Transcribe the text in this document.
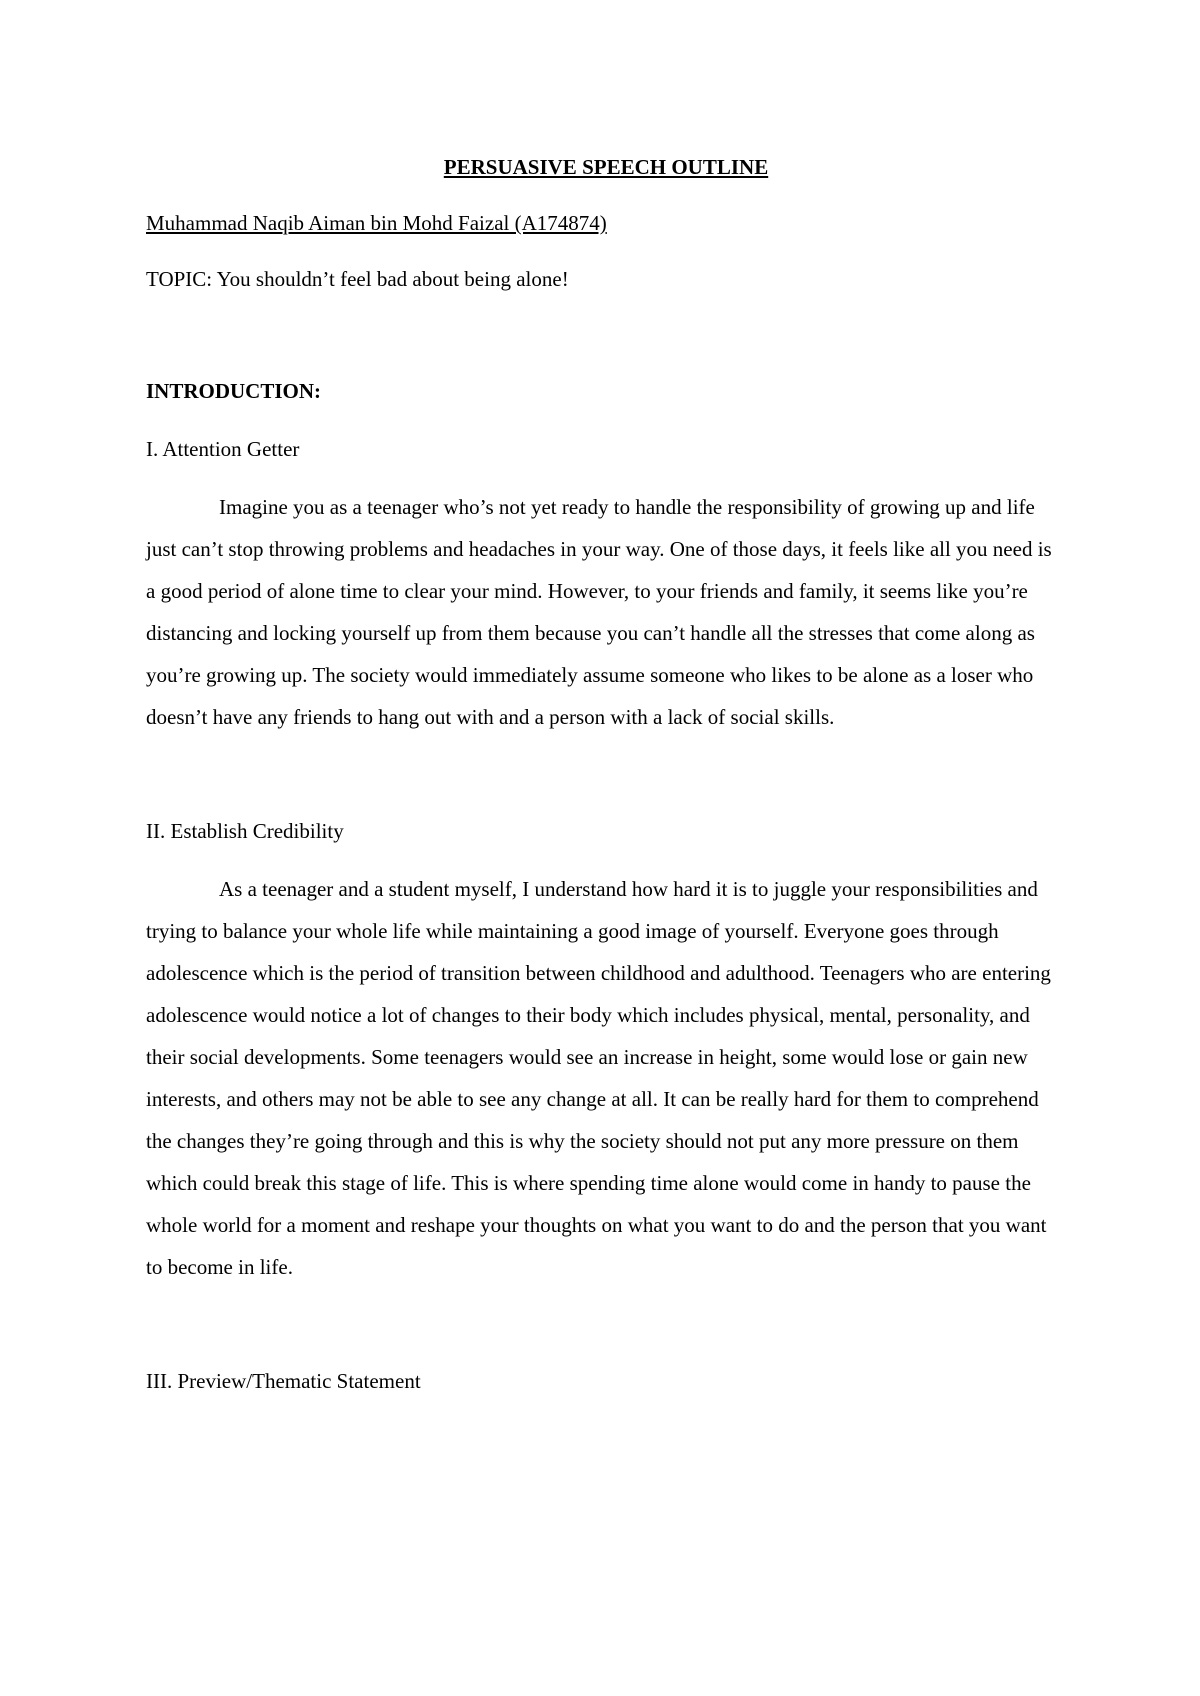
PERSUASIVE SPEECH OUTLINE
Muhammad Naqib Aiman bin Mohd Faizal (A174874)
TOPIC: You shouldn’t feel bad about being alone!
INTRODUCTION:
I. Attention Getter

Imagine you as a teenager who’s not yet ready to handle the responsibility of growing up and life just can’t stop throwing problems and headaches in your way. One of those days, it feels like all you need is a good period of alone time to clear your mind. However, to your friends and family, it seems like you’re distancing and locking yourself up from them because you can’t handle all the stresses that come along as you’re growing up. The society would immediately assume someone who likes to be alone as a loser who doesn’t have any friends to hang out with and a person with a lack of social skills.

II. Establish Credibility

As a teenager and a student myself, I understand how hard it is to juggle your responsibilities and trying to balance your whole life while maintaining a good image of yourself. Everyone goes through adolescence which is the period of transition between childhood and adulthood. Teenagers who are entering adolescence would notice a lot of changes to their body which includes physical, mental, personality, and their social developments. Some teenagers would see an increase in height, some would lose or gain new interests, and others may not be able to see any change at all. It can be really hard for them to comprehend the changes they’re going through and this is why the society should not put any more pressure on them which could break this stage of life. This is where spending time alone would come in handy to pause the whole world for a moment and reshape your thoughts on what you want to do and the person that you want to become in life.

III. Preview/Thematic Statement
